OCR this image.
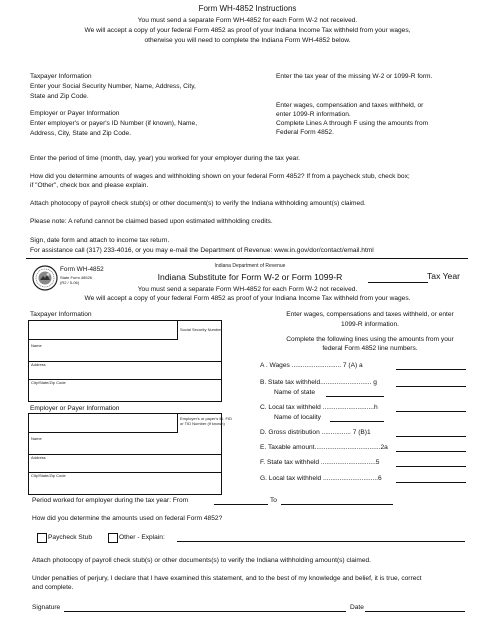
Form WH-4852 Instructions
You must send a separate Form WH-4852 for each Form W-2 not received.
We will accept a copy of your federal Form 4852 as proof of your Indiana Income Tax withheld from your wages,
otherwise you will need to complete the Indiana Form WH-4852 below.
Taxpayer Information
Enter your Social Security Number, Name, Address, City,
State and Zip Code.
Employer or Payer Information
Enter employer's or payer's ID Number (if known), Name,
Address, City, State and Zip Code.
Enter the tax year of the missing W-2 or 1099-R form.
Enter wages, compensation and taxes withheld, or
enter 1099-R information.
Complete Lines A through F using the amounts from
Federal Form 4852.
Enter the period of time (month, day, year) you worked for your employer during the tax year.
How did you determine amounts of wages and withholding shown on your federal Form 4852? If from a paycheck stub, check box;
if "Other", check box and please explain.
Attach photocopy of payroll check stub(s) or other document(s) to verify the Indiana withholding amount(s) claimed.
Please note: A refund cannot be claimed based upon estimated withholding credits.
Sign, date form and attach to income tax return.
For assistance call (317) 233-4016, or you may e-mail the Department of Revenue: www.in.gov/dor/contact/email.html
Form WH-4852
State Form 48526
(R2 / 5-06)
Indiana Department of Revenue
Indiana Substitute for Form W-2 or Form 1099-R	Tax Year
You must send a separate Form WH-4852 for each Form W-2 not received.
We will accept a copy of your federal Form 4852 as proof of your Indiana Income Tax withheld from your wages.
Taxpayer Information
Social Security Number
Name
Address
City/State/Zip Code
Employer or Payer Information
Employer's or payer's ID, FID
or TID Number (if known)
Name
Address
City/State/Zip Code
Enter wages, compensations and taxes withheld, or enter
1099-R information.
Complete the following lines using the amounts from your
federal Form 4852 line numbers.
A . Wages ........................... 7 (A) a
B. State tax withheld............................ g
Name of state
C. Local tax withheld ............................h
Name of locality
D. Gross distribution ................ 7 (B)1
E. Taxable amount....................................2a
F. State tax withheld ..............................5
G. Local tax withheld ..............................6
Period worked for employer during the tax year: From	To
How did you determine the amounts used on federal Form 4852?
Paycheck Stub	Other - Explain:
Attach photocopy of payroll check stub(s) or other documents(s) to verify the Indiana withholding amount(s) claimed.
Under penalties of perjury, I declare that I have examined this statement, and to the best of my knowledge and belief, it is true, correct
and complete.
Signature	Date
